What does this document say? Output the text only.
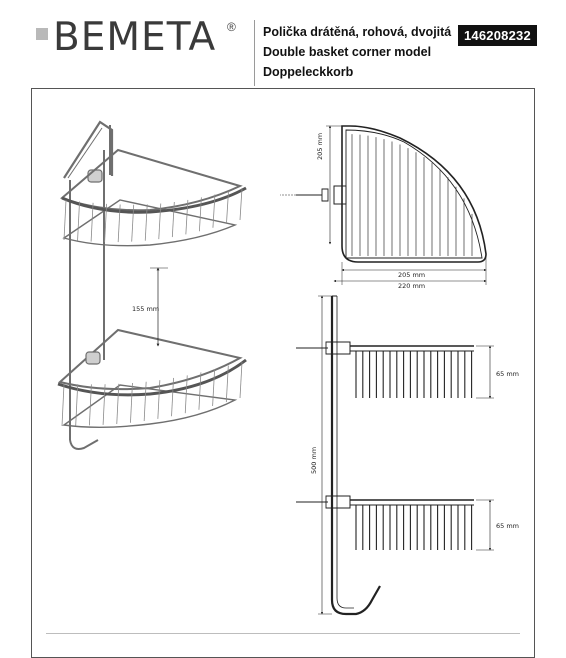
BEMETA ® Polička drátěná, rohová, dvojitá
Double basket corner model
Doppeleckkorb
146208232
155 mm
205 mm
205 mm
220 mm
500 mm
65 mm
65 mm
